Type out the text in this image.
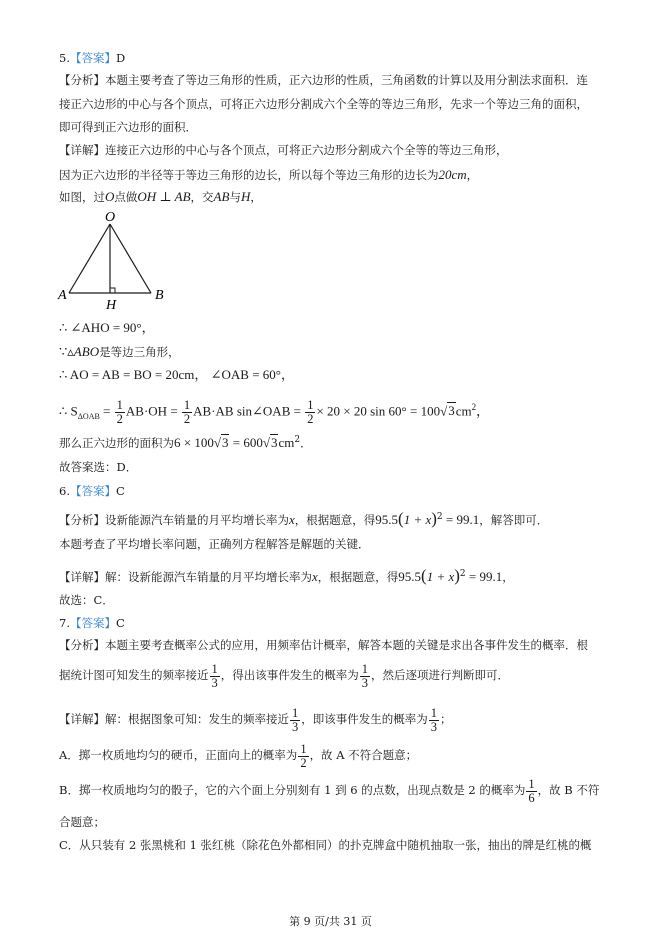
5.【答案】D
【分析】本题主要考查了等边三角形的性质，正六边形的性质，三角函数的计算以及用分割法求面积．连
接正六边形的中心与各个顶点，可将正六边形分割成六个全等的等边三角形，先求一个等边三角的面积，
即可得到正六边形的面积．
【详解】连接正六边形的中心与各个顶点，可将正六边形分割成六个全等的等边三角形，
因为正六边形的半径等于等边三角形的边长，所以每个等边三角形的边长为20cm，
如图，过O点做OH ⊥ AB，交AB与H，
O
A	B
H
∴ ∠AHO = 90°，
∵▵ABO是等边三角形，
∴ AO = AB = BO = 20cm， ∠OAB = 60°，
∴ $S_{\Delta OAB} = \frac{1}{2} AB\cdot OH = \frac{1}{2} AB\cdot AB$ sin∠OAB = $\frac{1}{2} \times 20 \times 20$ $\sin 60^\circ = 100√3cm^2$，
那么正六边形的面积为$6 \times 100√3 = 600√3cm^2$．
故答案选：D．
6.【答案】C
【分析】设新能源汽车销量的月平均增长率为x，根据题意，得$95.5(1 + x)^2 = 99.1$，解答即可．
本题考查了平均增长率问题，正确列方程解答是解题的关键．
【详解】解：设新能源汽车销量的月平均增长率为x，根据题意，得$95.5(1 + x)^2 = 99.1$，
故选：C．
7.【答案】C
【分析】本题主要考查概率公式的应用，用频率估计概率，解答本题的关键是求出各事件发生的概率．根
据统计图可知发生的频率接近 $\frac{1}{3}$ ，得出该事件发生的概率为 $\frac{1}{3}$ ，然后逐项进行判断即可．
【详解】解：根据图象可知：发生的频率接近 $\frac{1}{3}$ ，即该事件发生的概率为 $\frac{1}{3}$ ；
A．掷一枚质地均匀的硬币，正面向上的概率为 $\frac{1}{2}$ ，故 A 不符合题意；
B．掷一枚质地均匀的骰子，它的六个面上分别刻有 1 到 6 的点数，出现点数是 2 的概率为 $\frac{1}{6}$ ，故 B 不符
合题意；
C．从只装有 2 张黑桃和 1 张红桃（除花色外都相同）的扑克牌盒中随机抽取一张，抽出的牌是红桃的概
第 9 页/共 31 页
